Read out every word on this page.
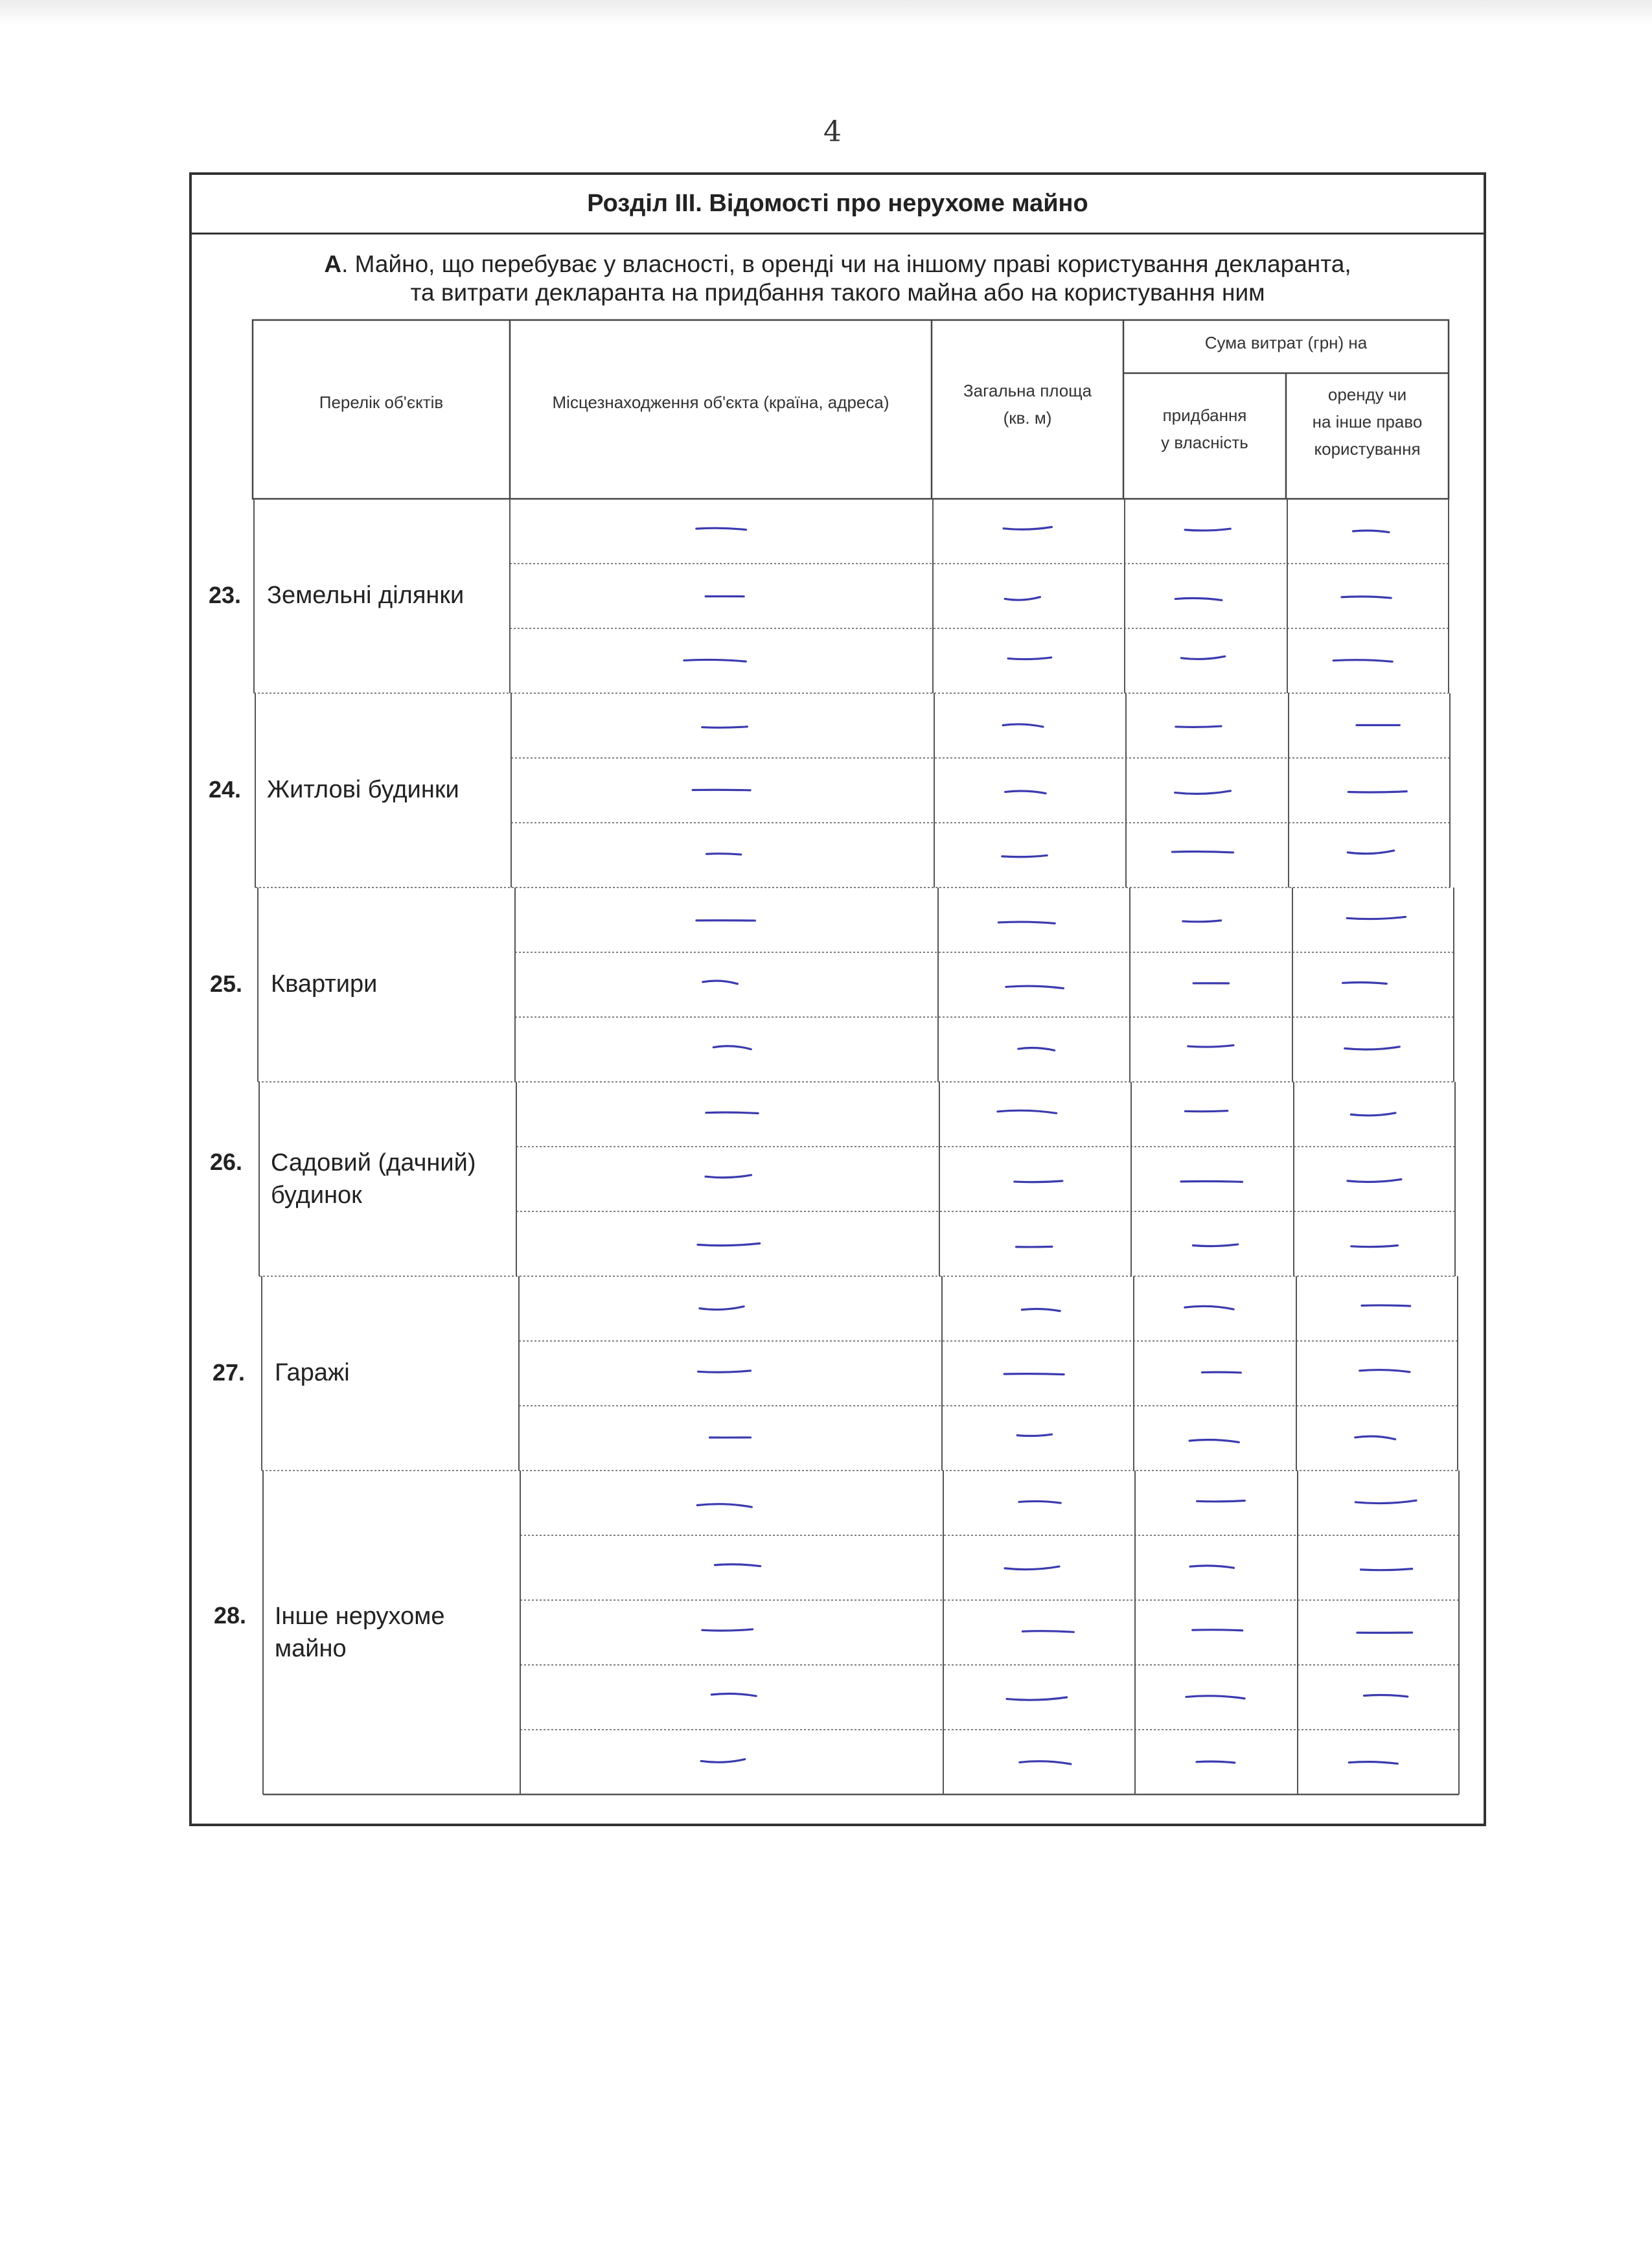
4
Розділ III. Відомості про нерухоме майно
А. Майно, що перебуває у власності, в оренді чи на іншому праві користування декларанта,
та витрати декларанта на придбання такого майна або на користування ним
Перелік об'єктів	Місцезнаходження об'єкта (країна, адреса)
Загальна площа
(кв. м)
Сума витрат (грн) на
придбання
у власність
оренду чи
на інше право
користування
23. Земельні ділянки
24. Житлові будинки
25. Квартири
26. Садовий (дачний)
будинок
27. Гаражі
28. Інше нерухоме
майно
